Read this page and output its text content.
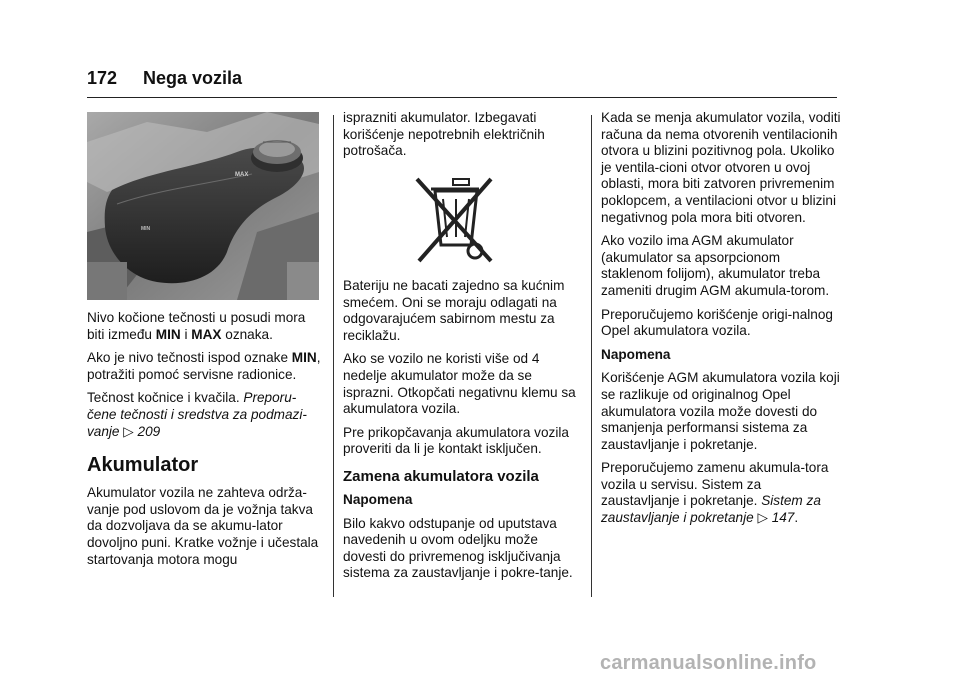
172 Nega vozila
MAX
MIN

Nivo kočione tečnosti u posudi mora biti između MIN i MAX oznaka.

Ako je nivo tečnosti ispod oznake MIN, potražiti pomoć servisne radionice.

Tečnost kočnice i kvačila. Preporu-čene tečnosti i sredstva za podmazi-vanje ▷ 209

Akumulator

Akumulator vozila ne zahteva održa-vanje pod uslovom da je vožnja takva da dozvoljava da se akumu-lator dovoljno puni. Kratke vožnje i učestala startovanja motora mogu

isprazniti akumulator. Izbegavati korišćenje nepotrebnih električnih potrošača.

Bateriju ne bacati zajedno sa kućnim smećem. Oni se moraju odlagati na odgovarajućem sabirnom mestu za reciklažu.

Ako se vozilo ne koristi više od 4 nedelje akumulator može da se isprazni. Otkopčati negativnu klemu sa akumulatora vozila.

Pre prikopčavanja akumulatora vozila proveriti da li je kontakt isključen.

Zamena akumulatora vozila

Napomena

Bilo kakvo odstupanje od uputstava navedenih u ovom odeljku može dovesti do privremenog isključivanja sistema za zaustavljanje i pokre-tanje.

Kada se menja akumulator vozila, voditi računa da nema otvorenih ventilacionih otvora u blizini pozitivnog pola. Ukoliko je ventila-cioni otvor otvoren u ovoj oblasti, mora biti zatvoren privremenim poklopcem, a ventilacioni otvor u blizini negativnog pola mora biti otvoren.

Ako vozilo ima AGM akumulator (akumulator sa apsorpcionom staklenom folijom), akumulator treba zameniti drugim AGM akumula-torom.

Preporučujemo korišćenje origi-nalnog Opel akumulatora vozila.

Napomena

Korišćenje AGM akumulatora vozila koji se razlikuje od originalnog Opel akumulatora vozila može dovesti do smanjenja performansi sistema za zaustavljanje i pokretanje.

Preporučujemo zamenu akumula-tora vozila u servisu. Sistem za zaustavljanje i pokretanje. Sistem za zaustavljanje i pokretanje ▷ 147.

carmanualsonline.info
